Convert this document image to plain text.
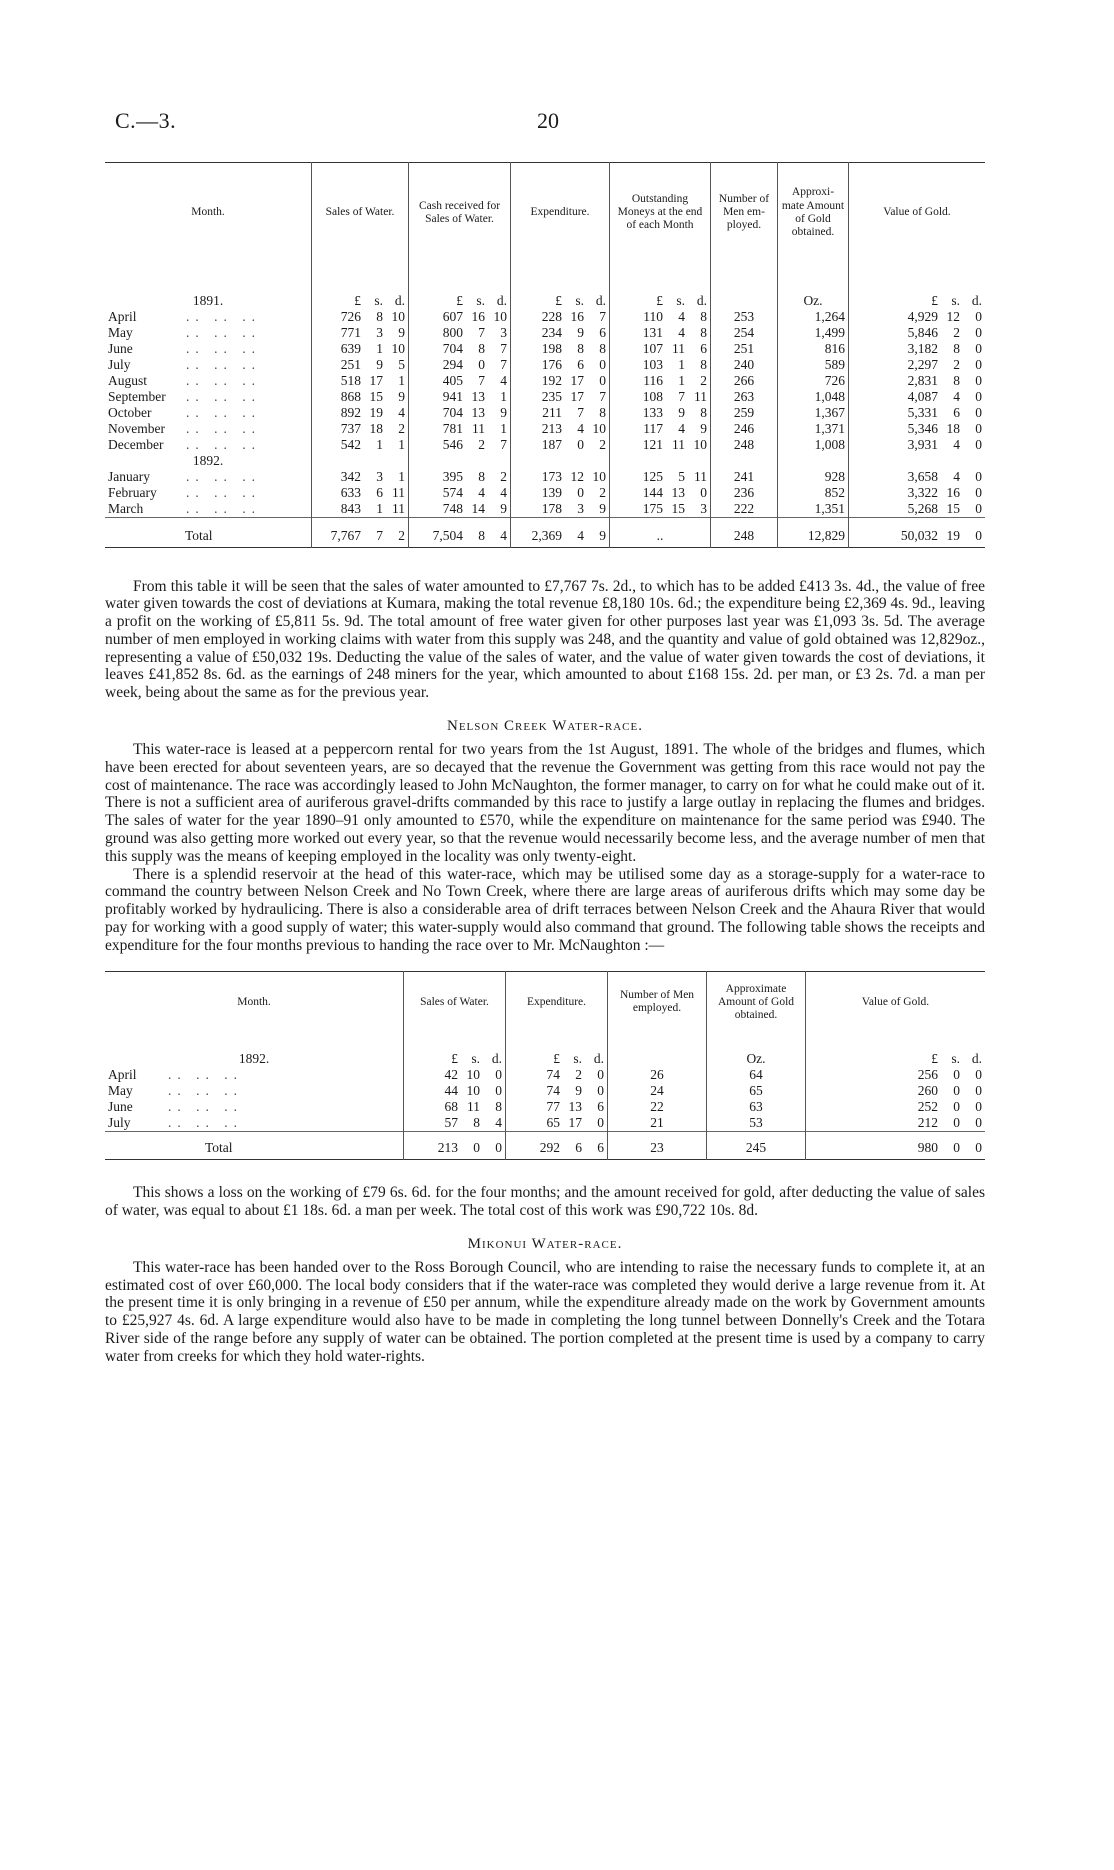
C.—3.	20
Month.	Sales of Water.	Cash received for Sales of Water.	Expenditure.	Outstanding Moneys at the end of each Month	Number of Men em-ployed.	Approxi-mate Amount of Gold obtained.	Value of Gold.
1891.	£ s. d.	£ s. d.	£ s. d.	£ s. d.		Oz.	£ s. d.
April .. .. ..	726 8 10	607 16 10	228 16 7	110 4 8	253	1,264	4,929 12 0
May .. .. ..	771 3 9	800 7 3	234 9 6	131 4 8	254	1,499	5,846 2 0
June .. .. ..	639 1 10	704 8 7	198 8 8	107 11 6	251	816	3,182 8 0
July .. .. ..	251 9 5	294 0 7	176 6 0	103 1 8	240	589	2,297 2 0
August .. .. ..	518 17 1	405 7 4	192 17 0	116 1 2	266	726	2,831 8 0
September .. .. ..	868 15 9	941 13 1	235 17 7	108 7 11	263	1,048	4,087 4 0
October .. .. ..	892 19 4	704 13 9	211 7 8	133 9 8	259	1,367	5,331 6 0
November .. .. ..	737 18 2	781 11 1	213 4 10	117 4 9	246	1,371	5,346 18 0
December .. .. ..	542 1 1	546 2 7	187 0 2	121 11 10	248	1,008	3,931 4 0
1892.							
January .. .. ..	342 3 1	395 8 2	173 12 10	125 5 11	241	928	3,658 4 0
February .. .. ..	633 6 11	574 4 4	139 0 2	144 13 0	236	852	3,322 16 0
March .. .. ..	843 1 11	748 14 9	178 3 9	175 15 3	222	1,351	5,268 15 0
Total	7,767 7 2	7,504 8 4	2,369 4 9	..	248	12,829	50,032 19 0

From this table it will be seen that the sales of water amounted to £7,767 7s. 2d., to which has to be added £413 3s. 4d., the value of free water given towards the cost of deviations at Kumara, making the total revenue £8,180 10s. 6d.; the expenditure being £2,369 4s. 9d., leaving a profit on the working of £5,811 5s. 9d. The total amount of free water given for other purposes last year was £1,093 3s. 5d. The average number of men employed in working claims with water from this supply was 248, and the quantity and value of gold obtained was 12,829oz., representing a value of £50,032 19s. Deducting the value of the sales of water, and the value of water given towards the cost of deviations, it leaves £41,852 8s. 6d. as the earnings of 248 miners for the year, which amounted to about £168 15s. 2d. per man, or £3 2s. 7d. a man per week, being about the same as for the previous year.

Nelson Creek Water-race.

This water-race is leased at a peppercorn rental for two years from the 1st August, 1891. The whole of the bridges and flumes, which have been erected for about seventeen years, are so decayed that the revenue the Government was getting from this race would not pay the cost of maintenance. The race was accordingly leased to John McNaughton, the former manager, to carry on for what he could make out of it. There is not a sufficient area of auriferous gravel-drifts commanded by this race to justify a large outlay in replacing the flumes and bridges. The sales of water for the year 1890–91 only amounted to £570, while the expenditure on maintenance for the same period was £940. The ground was also getting more worked out every year, so that the revenue would necessarily become less, and the average number of men that this supply was the means of keeping employed in the locality was only twenty-eight.

There is a splendid reservoir at the head of this water-race, which may be utilised some day as a storage-supply for a water-race to command the country between Nelson Creek and No Town Creek, where there are large areas of auriferous drifts which may some day be profitably worked by hydraulicing. There is also a considerable area of drift terraces between Nelson Creek and the Ahaura River that would pay for working with a good supply of water; this water-supply would also command that ground. The following table shows the receipts and expenditure for the four months previous to handing the race over to Mr. McNaughton :—

Month.	Sales of Water.	Expenditure.	Number of Men employed.	Approximate Amount of Gold obtained.	Value of Gold.
1892.	£ s. d.	£ s. d.		Oz.	£ s. d.
April .. .. ..	42 10 0	74 2 0	26	64	256 0 0
May .. .. ..	44 10 0	74 9 0	24	65	260 0 0
June .. .. ..	68 11 8	77 13 6	22	63	252 0 0
July .. .. ..	57 8 4	65 17 0	21	53	212 0 0
Total	213 0 0	292 6 6	23	245	980 0 0

This shows a loss on the working of £79 6s. 6d. for the four months; and the amount received for gold, after deducting the value of sales of water, was equal to about £1 18s. 6d. a man per week. The total cost of this work was £90,722 10s. 8d.

Mikonui Water-race.

This water-race has been handed over to the Ross Borough Council, who are intending to raise the necessary funds to complete it, at an estimated cost of over £60,000. The local body considers that if the water-race was completed they would derive a large revenue from it. At the present time it is only bringing in a revenue of £50 per annum, while the expenditure already made on the work by Government amounts to £25,927 4s. 6d. A large expenditure would also have to be made in completing the long tunnel between Donnelly's Creek and the Totara River side of the range before any supply of water can be obtained. The portion completed at the present time is used by a company to carry water from creeks for which they hold water-rights.
